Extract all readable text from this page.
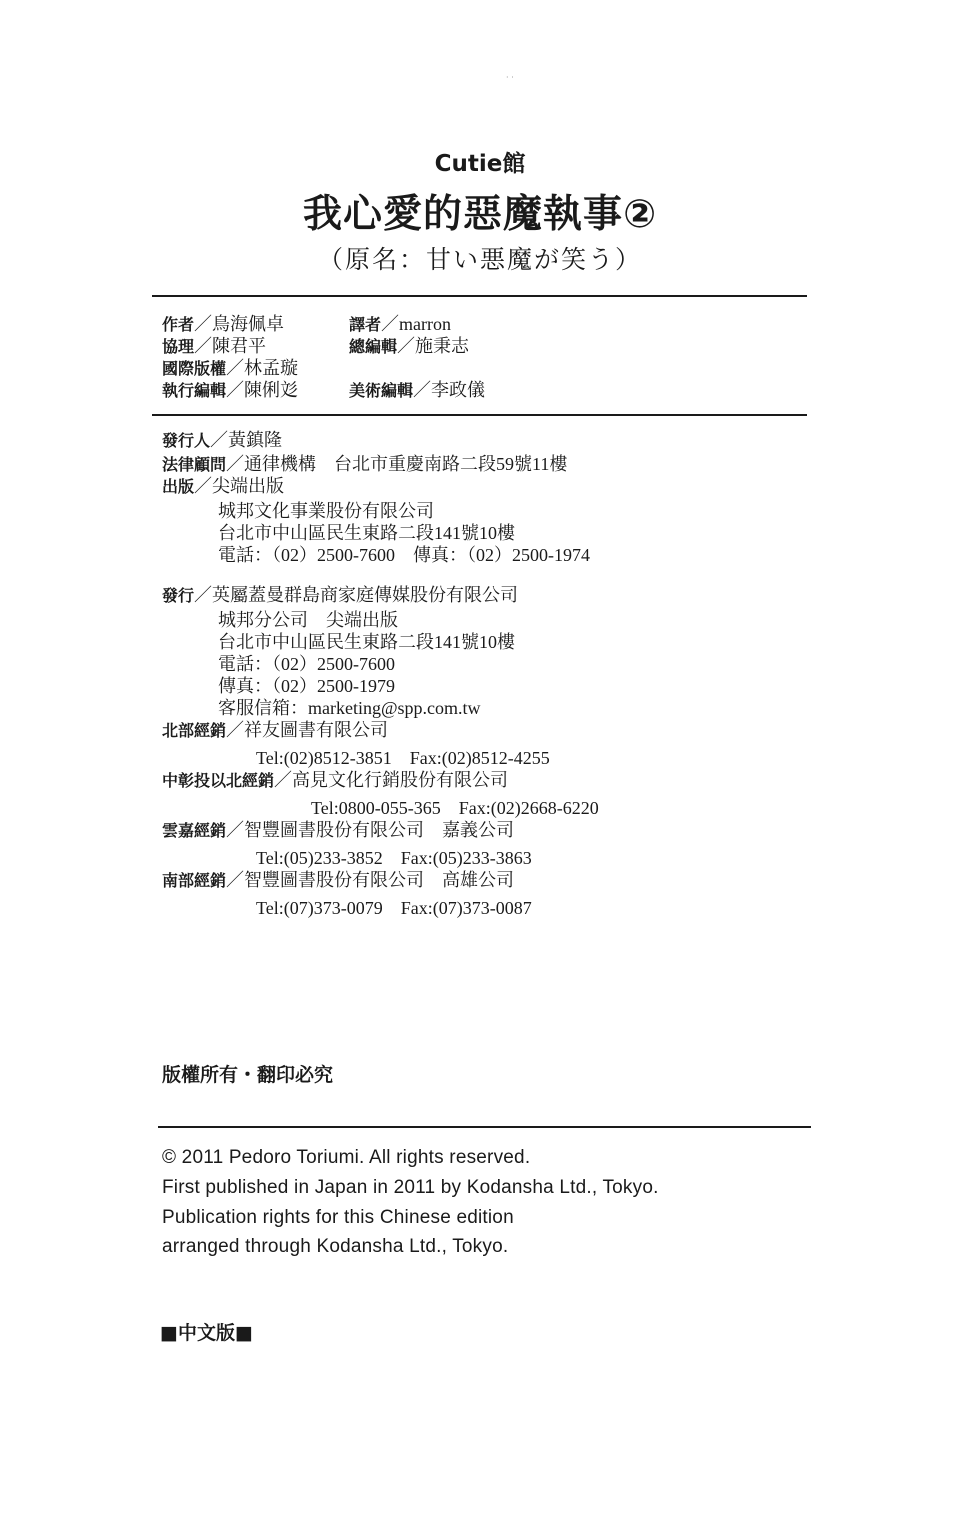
· ·
Cutie館
我心愛的惡魔執事②
（原名：甘い悪魔が笑う）
作者／鳥海佩卓	譯者／marron
協理／陳君平	總編輯／施秉志
國際版權／林孟璇
執行編輯／陳俐彣	美術編輯／李政儀
發行人／黃鎮隆
法律顧問／通律機構　台北市重慶南路二段59號11樓
出版／尖端出版
城邦文化事業股份有限公司
台北市中山區民生東路二段141號10樓
電話：（02）2500-7600　傳真：（02）2500-1974
發行／英屬蓋曼群島商家庭傳媒股份有限公司
城邦分公司　尖端出版
台北市中山區民生東路二段141號10樓
電話：（02）2500-7600
傳真：（02）2500-1979
客服信箱：marketing@spp.com.tw
北部經銷／祥友圖書有限公司
Tel:(02)8512-3851　Fax:(02)8512-4255
中彰投以北經銷／高見文化行銷股份有限公司
Tel:0800-055-365　Fax:(02)2668-6220
雲嘉經銷／智豐圖書股份有限公司　嘉義公司
Tel:(05)233-3852　Fax:(05)233-3863
南部經銷／智豐圖書股份有限公司　高雄公司
Tel:(07)373-0079　Fax:(07)373-0087
版權所有・翻印必究
© 2011 Pedoro Toriumi. All rights reserved.
First published in Japan in 2011 by Kodansha Ltd., Tokyo.
Publication rights for this Chinese edition
arranged through Kodansha Ltd., Tokyo.
■中文版■
